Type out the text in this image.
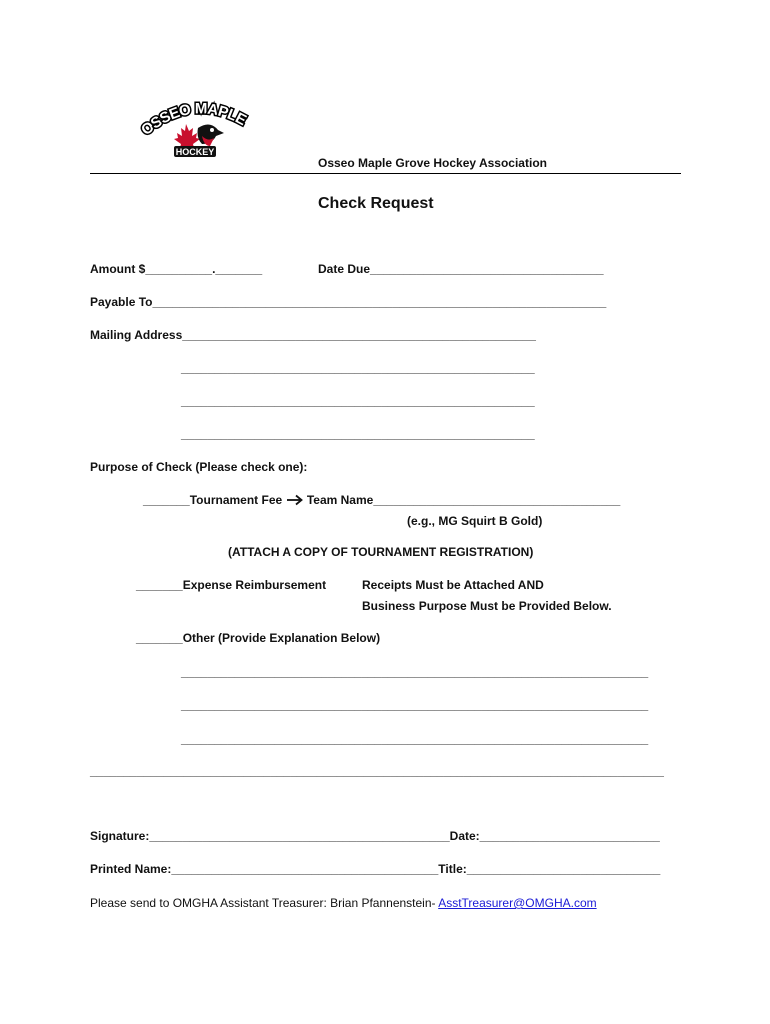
OSSEO MAPLE
HOCKEY
Osseo Maple Grove Hockey Association
Check Request
Amount $__________._______	Date Due___________________________________
Payable To____________________________________________________________________
Mailing Address_____________________________________________________
_____________________________________________________
_____________________________________________________
_____________________________________________________
Purpose of Check (Please check one):
_______Tournament Fee  Team Name_____________________________________
(e.g., MG Squirt B Gold)
(ATTACH A COPY OF TOURNAMENT REGISTRATION)
_______Expense Reimbursement	Receipts Must be Attached AND
Business Purpose Must be Provided Below.
_______Other (Provide Explanation Below)
______________________________________________________________________
______________________________________________________________________
______________________________________________________________________
______________________________________________________________________________________
Signature:_____________________________________________Date:___________________________
Printed Name:________________________________________Title:_____________________________
Please send to OMGHA Assistant Treasurer: Brian Pfannenstein- AsstTreasurer@OMGHA.com
